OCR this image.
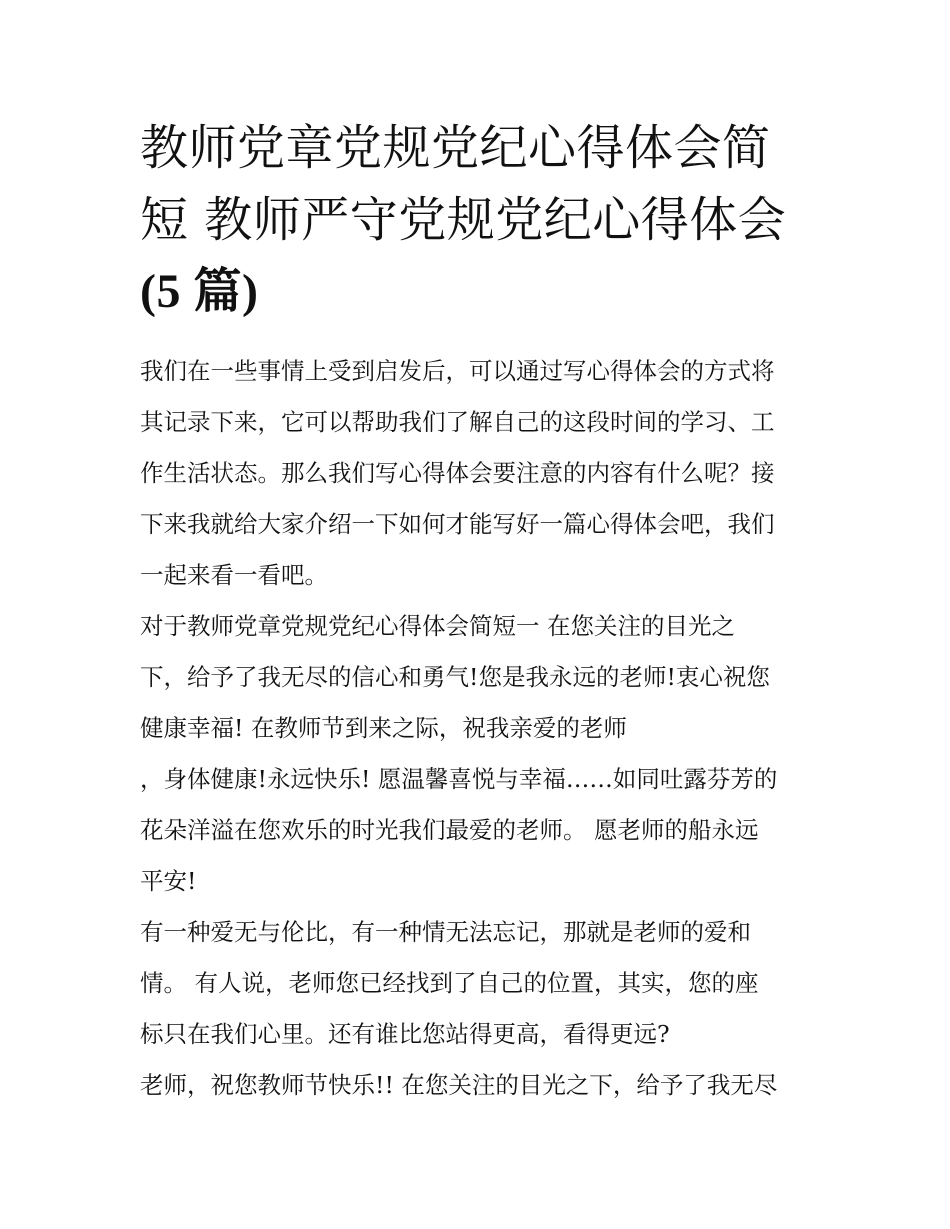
教师党章党规党纪心得体会简
短 教师严守党规党纪心得体会
(5 篇)
我们在一些事情上受到启发后，可以通过写心得体会的方式将
其记录下来，它可以帮助我们了解自己的这段时间的学习、工
作生活状态。那么我们写心得体会要注意的内容有什么呢？接
下来我就给大家介绍一下如何才能写好一篇心得体会吧，我们
一起来看一看吧。
对于教师党章党规党纪心得体会简短一 在您关注的目光之
下，给予了我无尽的信心和勇气!您是我永远的老师!衷心祝您
健康幸福! 在教师节到来之际，祝我亲爱的老师
，身体健康!永远快乐! 愿温馨喜悦与幸福……如同吐露芬芳的
花朵洋溢在您欢乐的时光我们最爱的老师。 愿老师的船永远
平安!
有一种爱无与伦比，有一种情无法忘记，那就是老师的爱和
情。 有人说，老师您已经找到了自己的位置，其实，您的座
标只在我们心里。还有谁比您站得更高，看得更远?
老师，祝您教师节快乐!! 在您关注的目光之下，给予了我无尽
